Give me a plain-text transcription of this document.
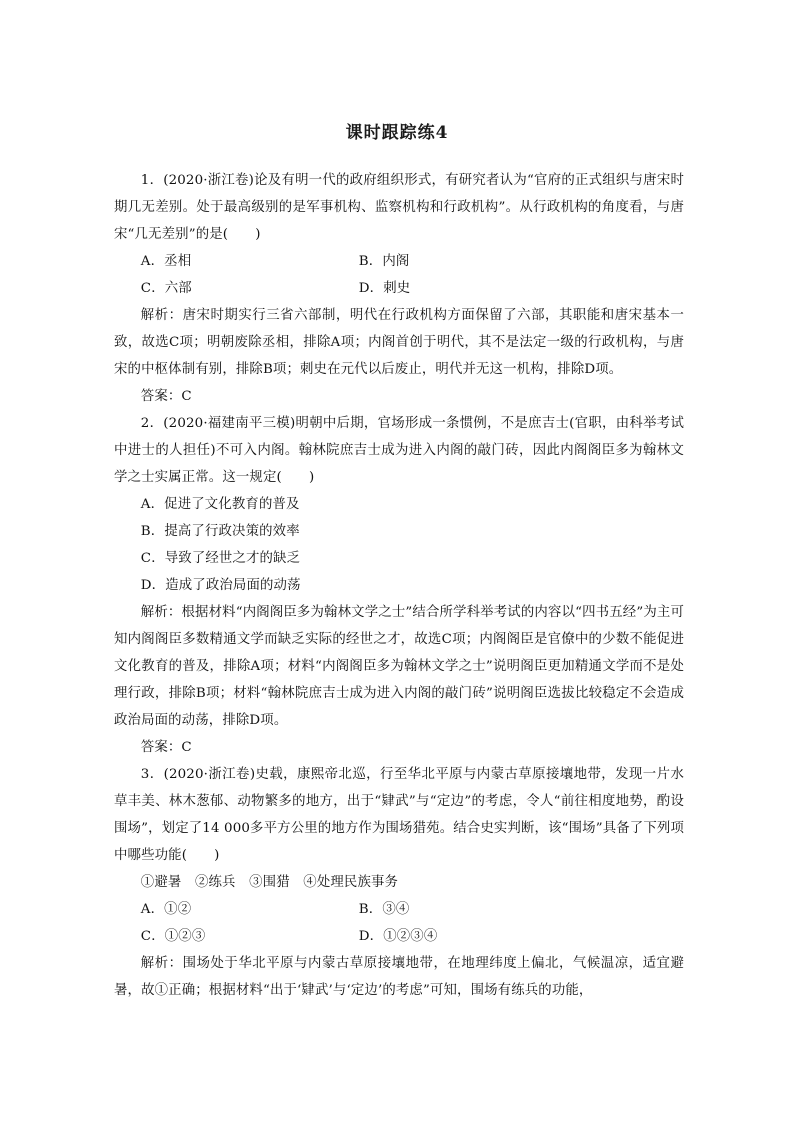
课时跟踪练4

1．(2020·浙江卷)论及有明一代的政府组织形式，有研究者认为“官府的正式组织与唐宋时期几无差别。处于最高级别的是军事机构、监察机构和行政机构”。从行政机构的角度看，与唐宋“几无差别”的是(　　)

A．丞相	B．内阁
C．六部	D．刺史

解析：唐宋时期实行三省六部制，明代在行政机构方面保留了六部，其职能和唐宋基本一致，故选C项；明朝废除丞相，排除A项；内阁首创于明代，其不是法定一级的行政机构，与唐宋的中枢体制有别，排除B项；刺史在元代以后废止，明代并无这一机构，排除D项。

答案：C

2．(2020·福建南平三模)明朝中后期，官场形成一条惯例，不是庶吉士(官职，由科举考试中进士的人担任)不可入内阁。翰林院庶吉士成为进入内阁的敲门砖，因此内阁阁臣多为翰林文学之士实属正常。这一规定(　　)

A．促进了文化教育的普及

B．提高了行政决策的效率

C．导致了经世之才的缺乏

D．造成了政治局面的动荡

解析：根据材料“内阁阁臣多为翰林文学之士”结合所学科举考试的内容以“四书五经”为主可知内阁阁臣多数精通文学而缺乏实际的经世之才，故选C项；内阁阁臣是官僚中的少数不能促进文化教育的普及，排除A项；材料“内阁阁臣多为翰林文学之士”说明阁臣更加精通文学而不是处理行政，排除B项；材料“翰林院庶吉士成为进入内阁的敲门砖”说明阁臣选拔比较稳定不会造成政治局面的动荡，排除D项。

答案：C

3．(2020·浙江卷)史载，康熙帝北巡，行至华北平原与内蒙古草原接壤地带，发现一片水草丰美、林木葱郁、动物繁多的地方，出于“肄武”与“定边”的考虑，令人“前往相度地势，酌设围场”，划定了14 000多平方公里的地方作为围场猎苑。结合史实判断，该“围场”具备了下列项中哪些功能(　　)

①避暑　②练兵　③围猎　④处理民族事务

A．①②	B．③④
C．①②③	D．①②③④

解析：围场处于华北平原与内蒙古草原接壤地带，在地理纬度上偏北，气候温凉，适宜避暑，故①正确；根据材料“出于‘肄武’与‘定边’的考虑”可知，围场有练兵的功能，
